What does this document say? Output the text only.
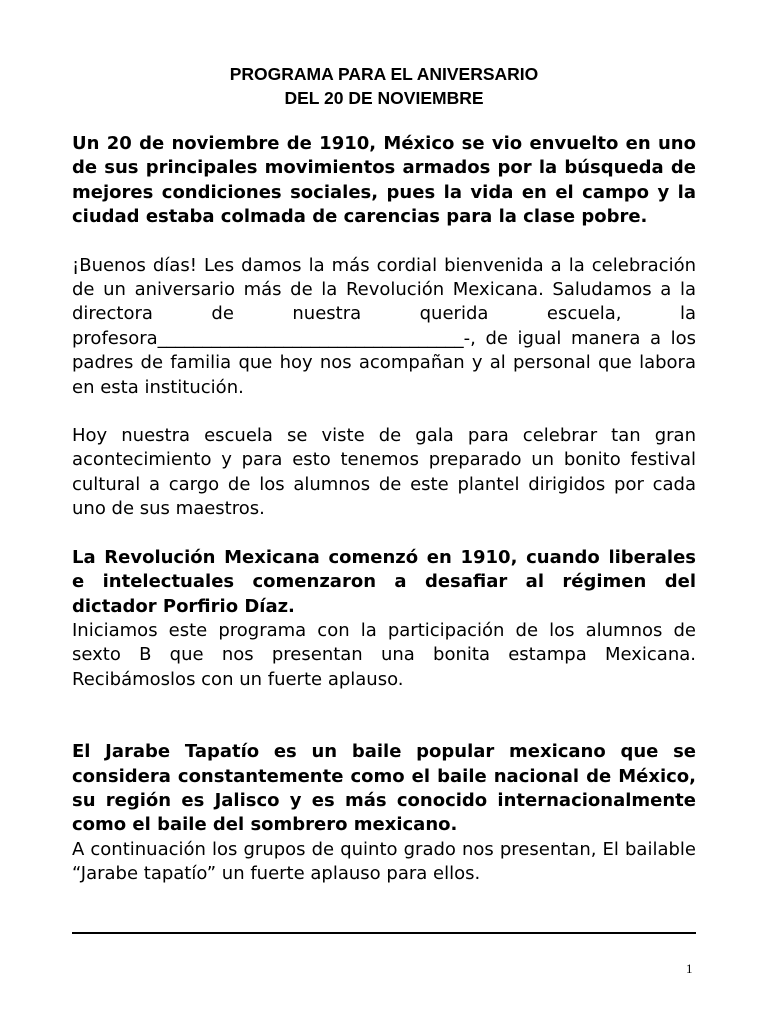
PROGRAMA PARA EL ANIVERSARIO

DEL 20 DE NOVIEMBRE

Un 20 de noviembre de 1910, México se vio envuelto en uno de sus principales movimientos armados por la búsqueda de mejores condiciones sociales, pues la vida en el campo y la ciudad estaba colmada de carencias para la clase pobre.

¡Buenos días! Les damos la más cordial bienvenida a la celebración de un aniversario más de la Revolución Mexicana. Saludamos a la directora de nuestra querida escuela, la profesora__________________________________-, de igual manera a los padres de familia que hoy nos acompañan y al personal que labora en esta institución.

Hoy nuestra escuela se viste de gala para celebrar tan gran acontecimiento y para esto tenemos preparado un bonito festival cultural a cargo de los alumnos de este plantel dirigidos por cada uno de sus maestros.

La Revolución Mexicana comenzó en 1910, cuando liberales e intelectuales comenzaron a desafiar al régimen del dictador Porfirio Díaz.

Iniciamos este programa con la participación de los alumnos de sexto B que nos presentan una bonita estampa Mexicana. Recibámoslos con un fuerte aplauso.

El Jarabe Tapatío es un baile popular mexicano que se considera constantemente como el baile nacional de México, su región es Jalisco y es más conocido internacionalmente como el baile del sombrero mexicano.

A continuación los grupos de quinto grado nos presentan, El bailable “Jarabe tapatío” un fuerte aplauso para ellos.

1
